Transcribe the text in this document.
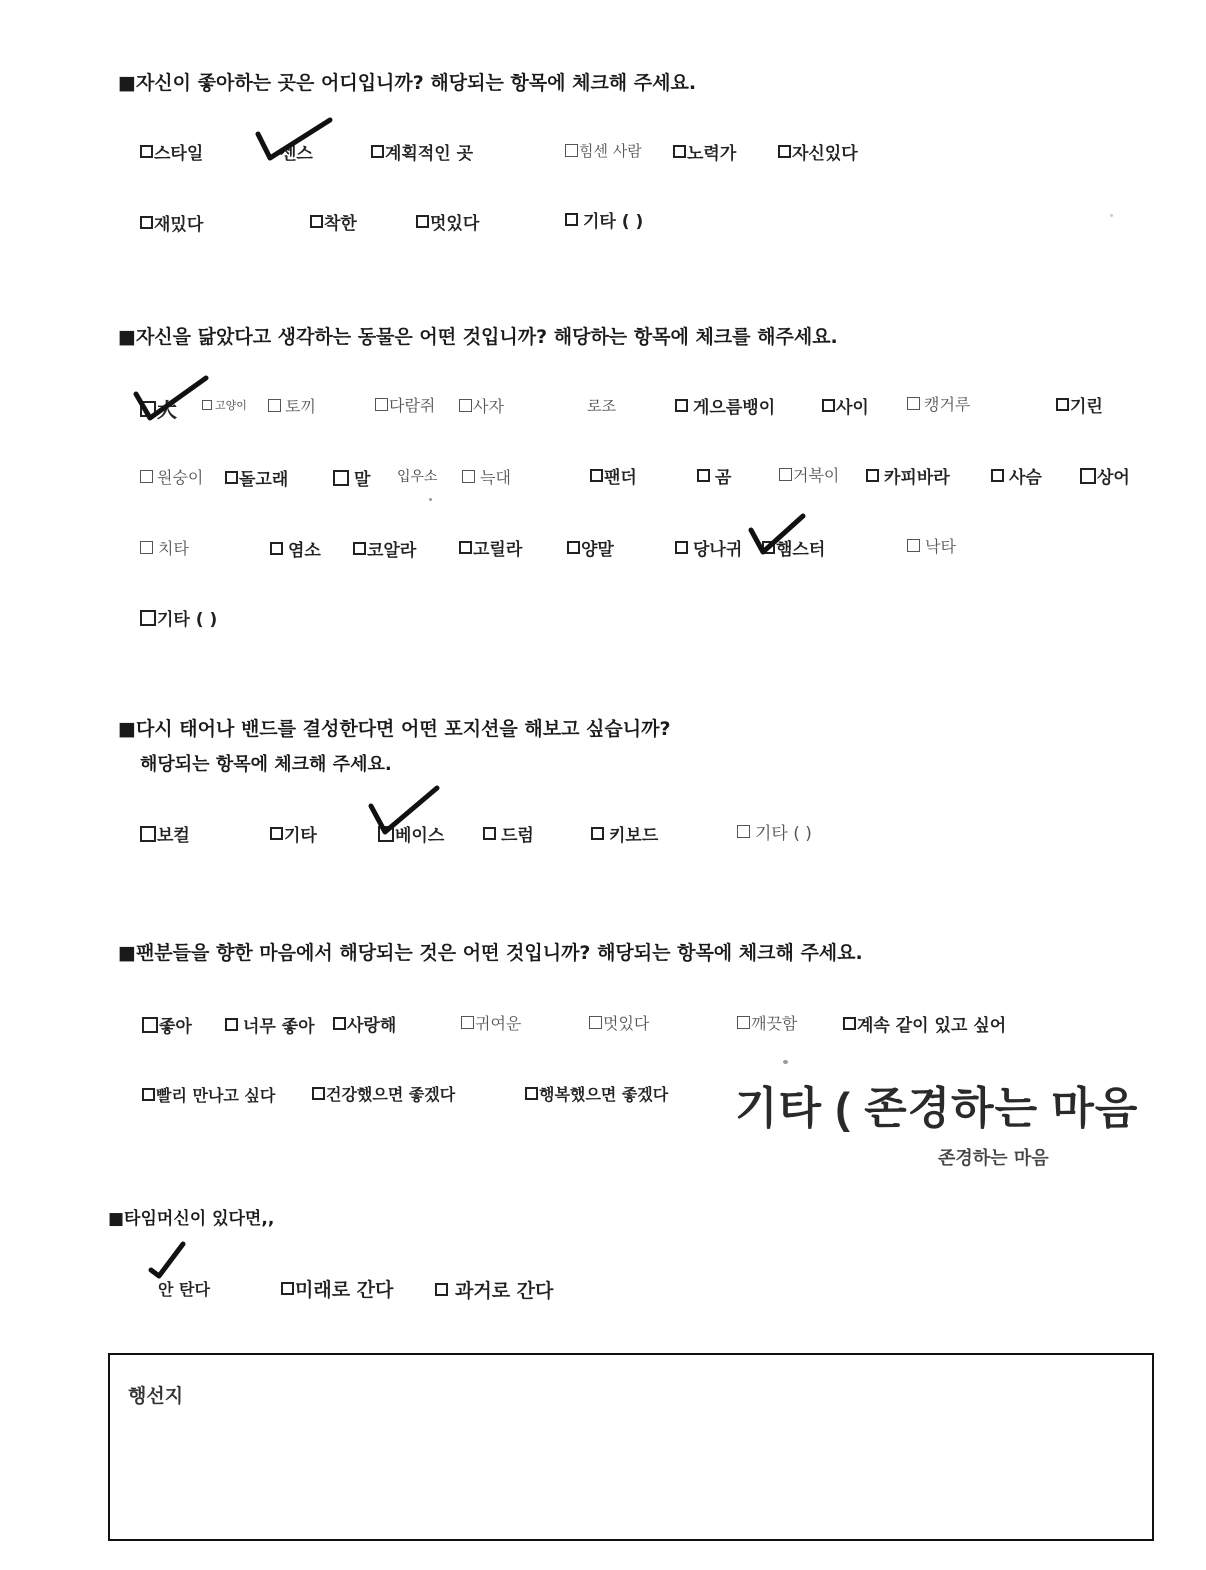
■자신이 좋아하는 곳은 어디입니까? 해당되는 항목에 체크해 주세요.
스타일	센스	계획적인 곳	힘센 사람	노력가	자신있다
재밌다	착한	멋있다	기타 ( )
■자신을 닮았다고 생각하는 동물은 어떤 것입니까? 해당하는 항목에 체크를 해주세요.
犬	고양이 토끼	다람쥐 사자	로조	게으름뱅이	사이	캥거루	기린
원숭이 돌고래	말 입우소	늑대	팬더	곰	거북이	카피바라	사슴	상어
치타	염소	코알라	고릴라	양말	당나귀 햄스터	낙타
기타 ( )
■다시 태어나 밴드를 결성한다면 어떤 포지션을 해보고 싶습니까?
해당되는 항목에 체크해 주세요.
보컬	기타	베이스	드럼	키보드	기타 ( )
■팬분들을 향한 마음에서 해당되는 것은 어떤 것입니까? 해당되는 항목에 체크해 주세요.
좋아	너무 좋아 사랑해	귀여운	멋있다	깨끗함	계속 같이 있고 싶어
빨리 만나고 싶다	건강했으면 좋겠다	행복했으면 좋겠다 기타 ( 존경하는 마음
존경하는 마음
■타임머신이 있다면,,
안 탄다	미래로 간다	과거로 간다
행선지
